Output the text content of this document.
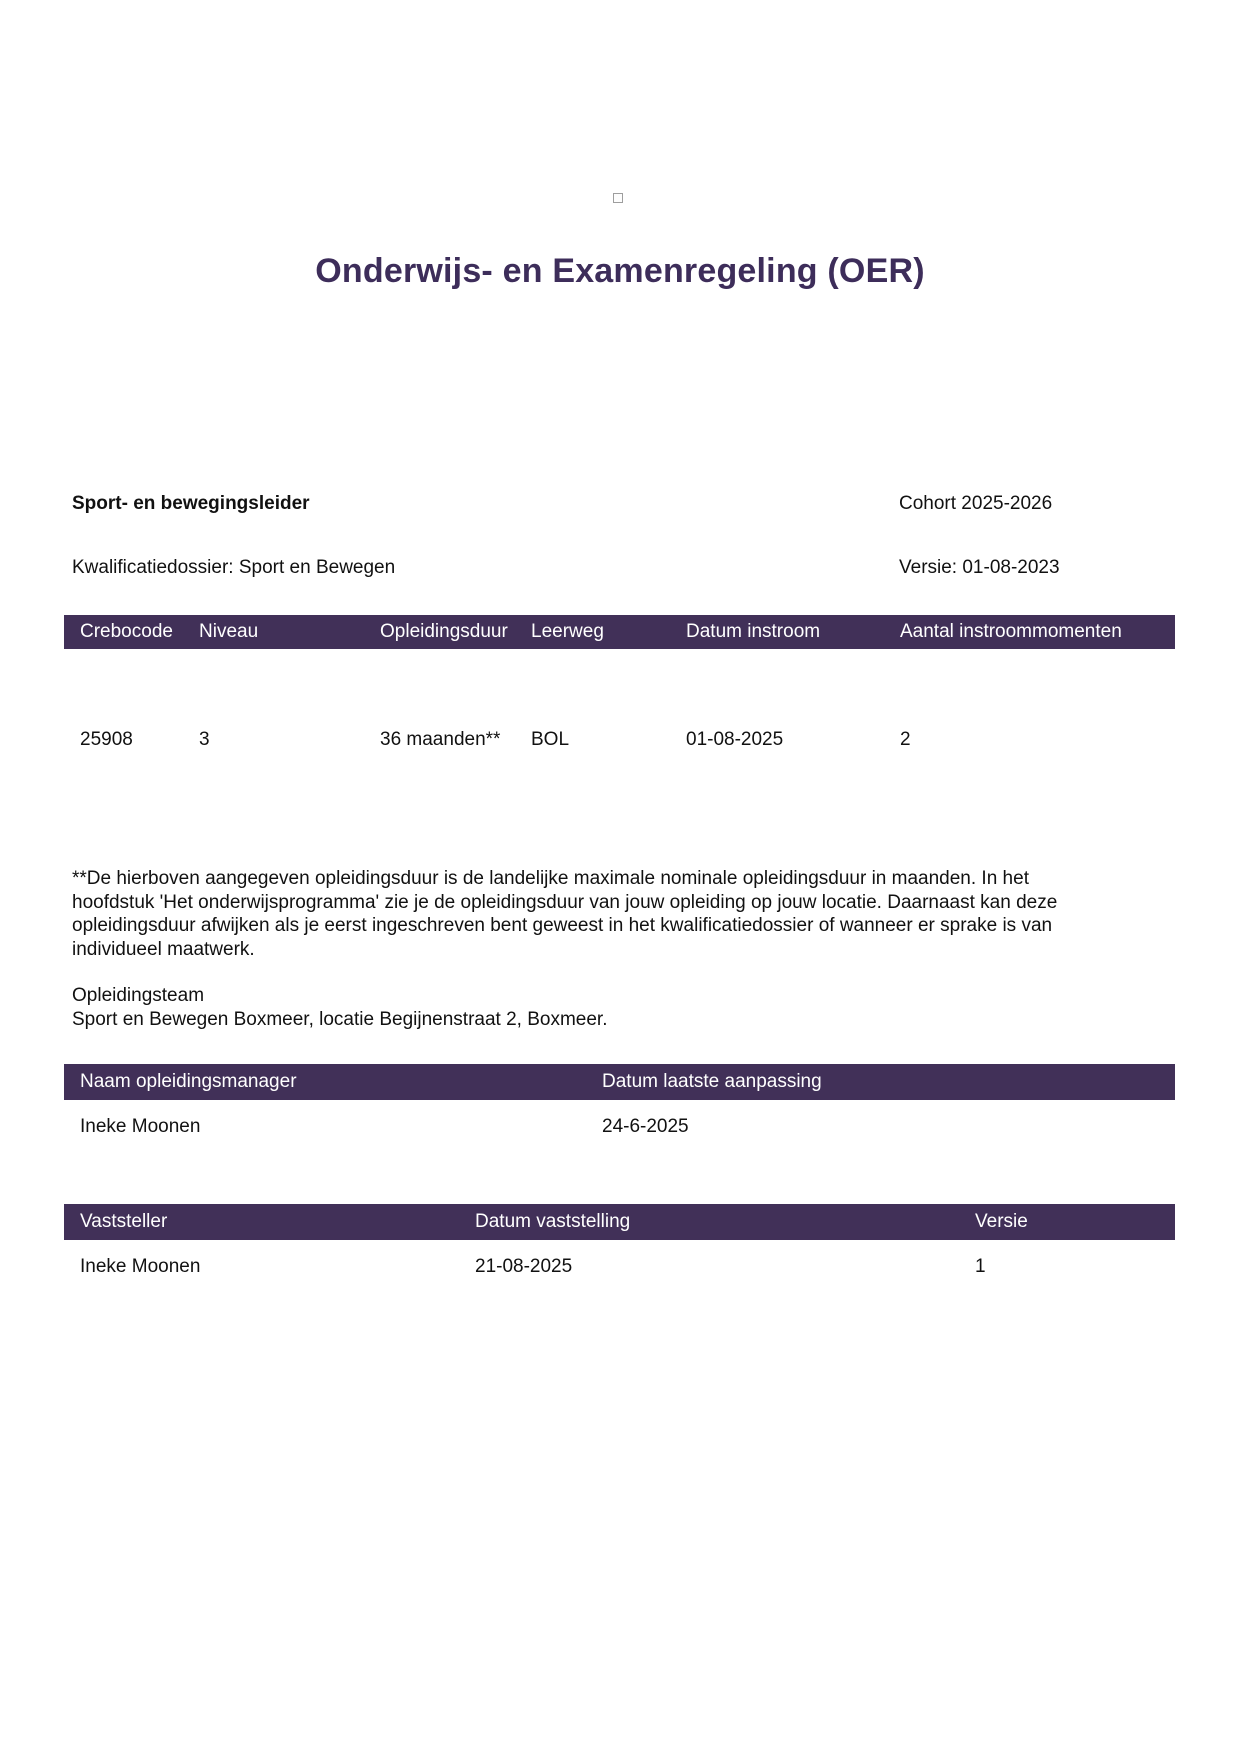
Onderwijs- en Examenregeling (OER)
Sport- en bewegingsleider	Cohort 2025-2026
Kwalificatiedossier: Sport en Bewegen	Versie: 01-08-2023
Crebocode	Niveau	Opleidingsduur	Leerweg	Datum instroom	Aantal instroommomenten
25908	3	36 maanden**	BOL	01-08-2025	2

**De hierboven aangegeven opleidingsduur is de landelijke maximale nominale opleidingsduur in maanden. In het hoofdstuk 'Het onderwijsprogramma' zie je de opleidingsduur van jouw opleiding op jouw locatie. Daarnaast kan deze opleidingsduur afwijken als je eerst ingeschreven bent geweest in het kwalificatiedossier of wanneer er sprake is van individueel maatwerk.

Opleidingsteam
Sport en Bewegen Boxmeer, locatie Begijnenstraat 2, Boxmeer.
Naam opleidingsmanager	Datum laatste aanpassing
Ineke Moonen	24-6-2025
Vaststeller	Datum vaststelling	Versie
Ineke Moonen	21-08-2025	1
